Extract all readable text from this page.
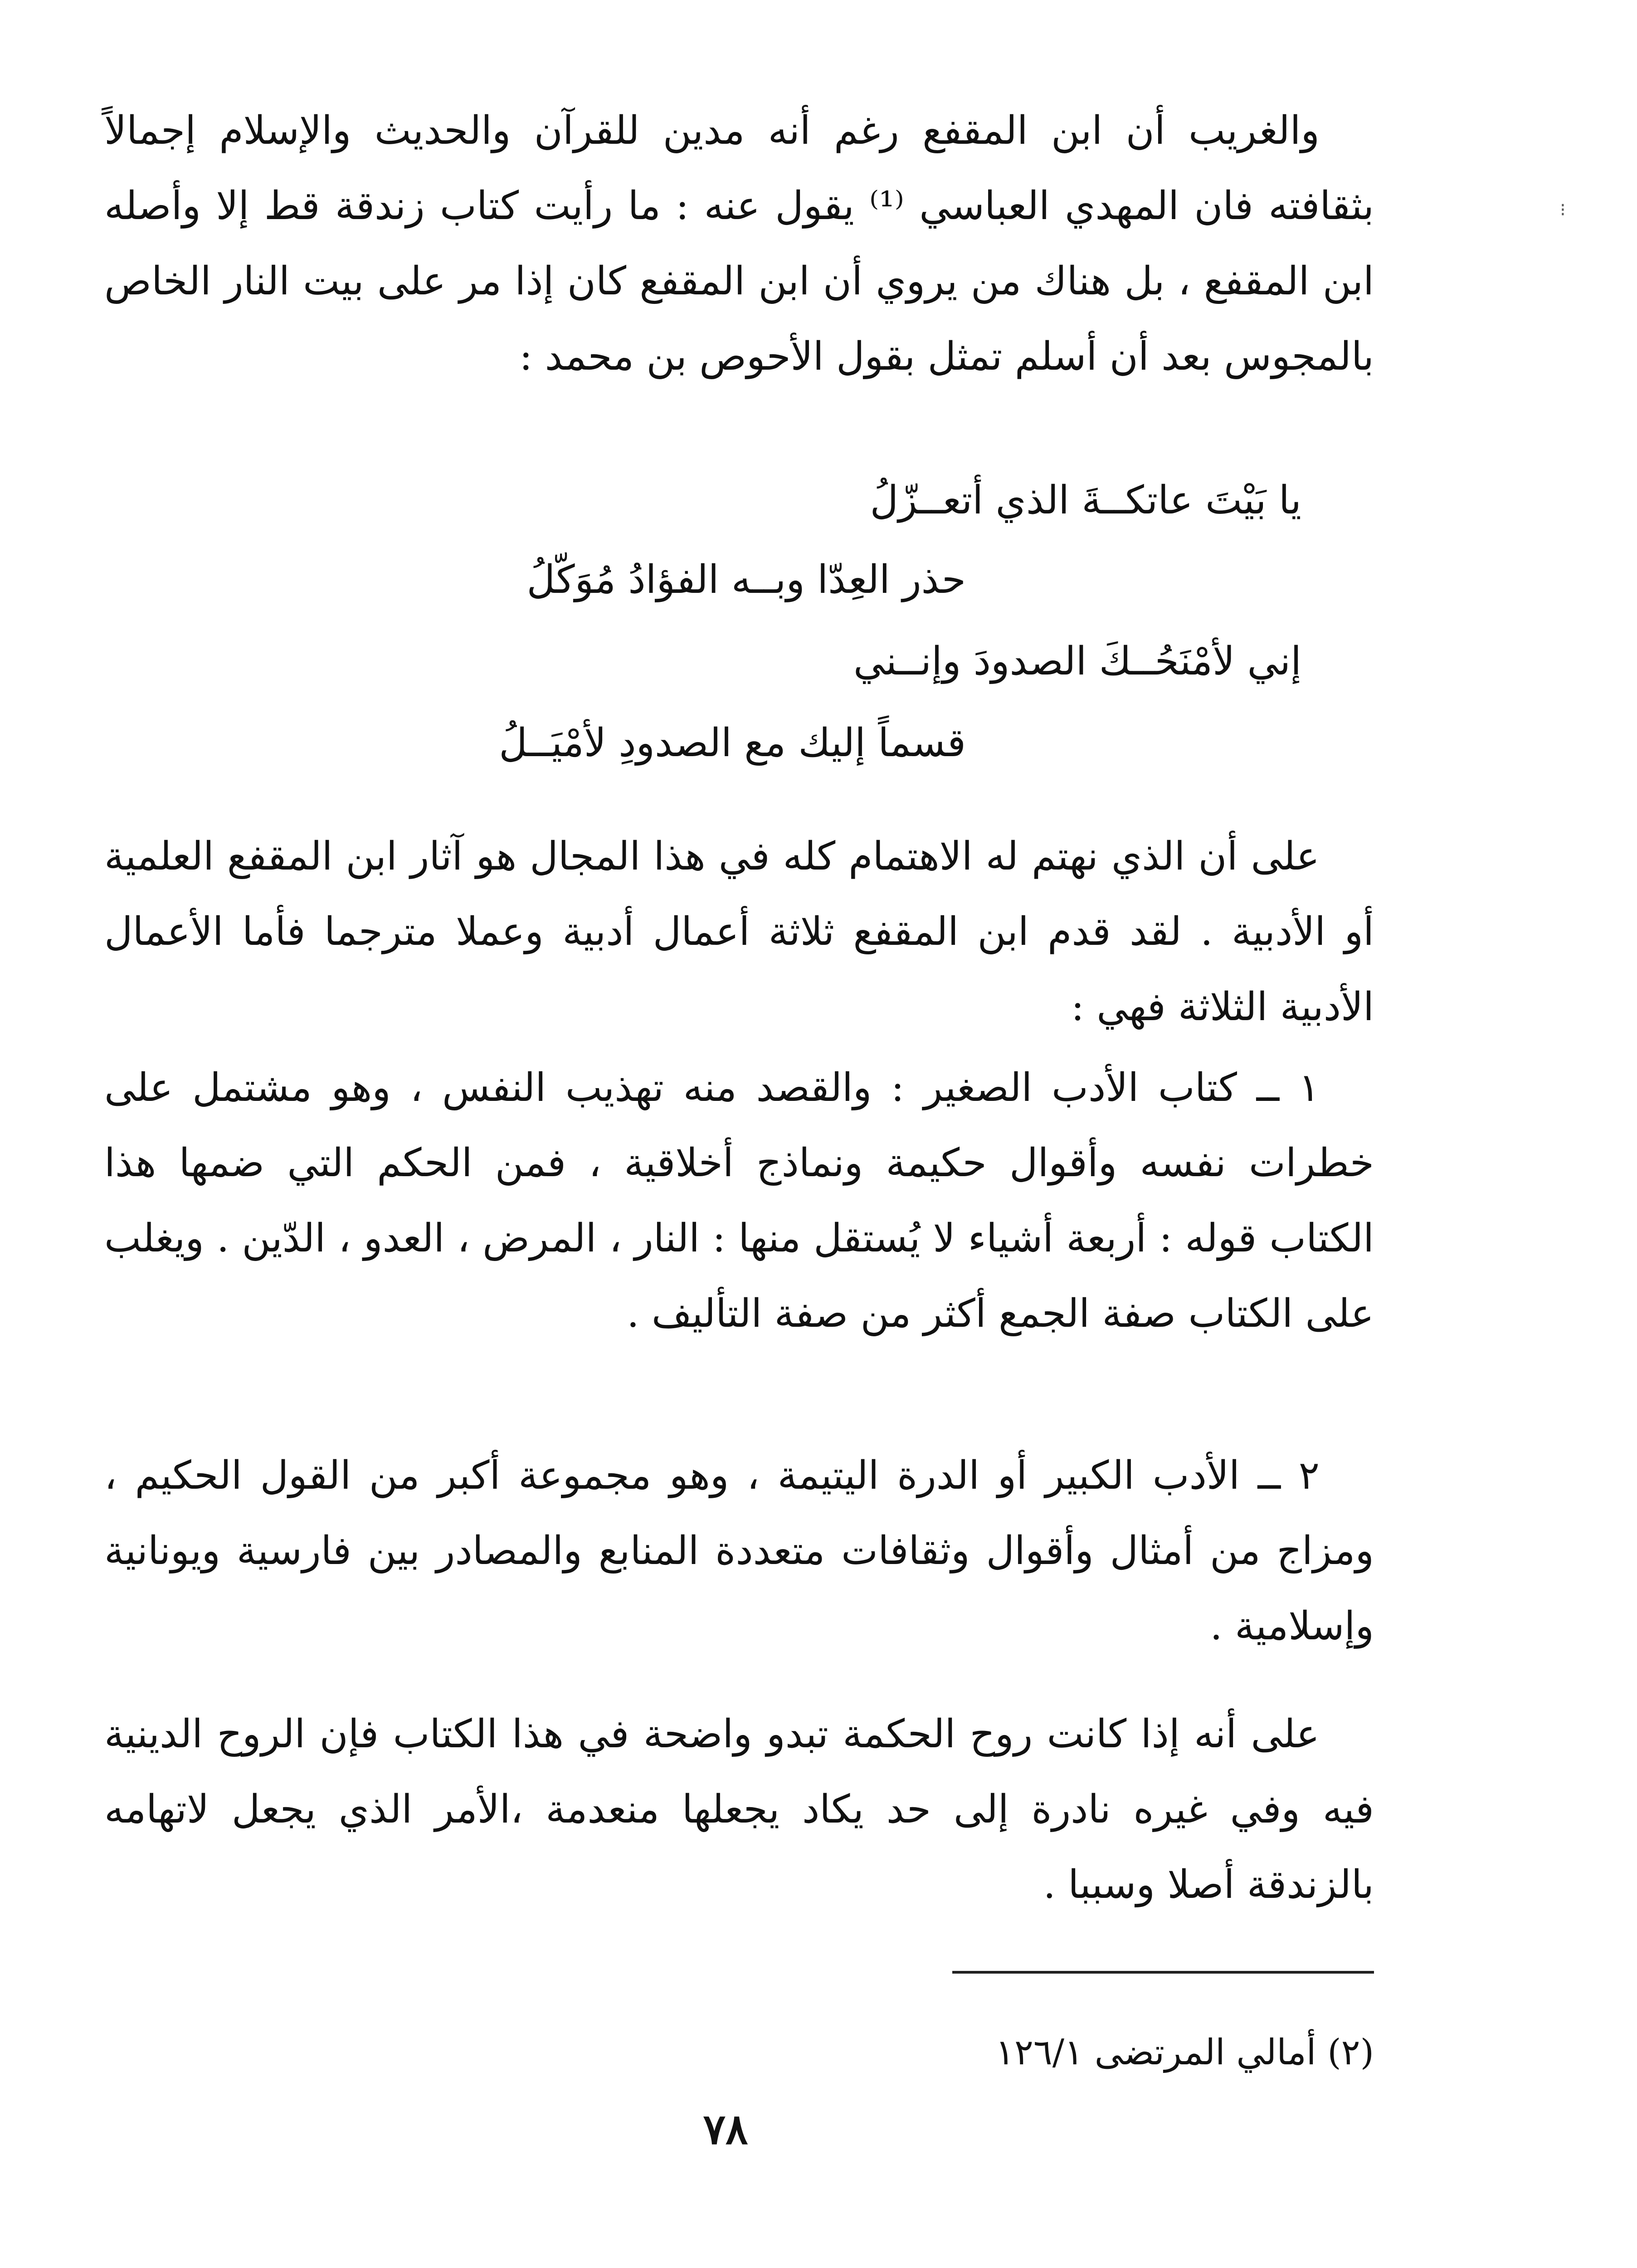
⁝

والغريب أن ابن المقفع رغم أنه مدين للقرآن والحديث والإسلام إجمالاً بثقافته فان المهدي العباسي ⁽¹⁾ يقول عنه : ما رأيت كتاب زندقة قط إلا وأصله ابن المقفع ، بل هناك من يروي أن ابن المقفع كان إذا مر على بيت النار الخاص بالمجوس بعد أن أسلم تمثل بقول الأحوص بن محمد :

يا بَيْتَ عاتكــةَ الذي أتعــزّلُ
حذر العِدّا وبــه الفؤادُ مُوَكّلُ
إني لأمْنَحُــكَ الصدودَ وإنــني
قسماً إليك مع الصدودِ لأمْيَــلُ

على أن الذي نهتم له الاهتمام كله في هذا المجال هو آثار ابن المقفع العلمية أو الأدبية . لقد قدم ابن المقفع ثلاثة أعمال أدبية وعملا مترجما فأما الأعمال الأدبية الثلاثة فهي :

١ ــ كتاب الأدب الصغير : والقصد منه تهذيب النفس ، وهو مشتمل على خطرات نفسه وأقوال حكيمة ونماذج أخلاقية ، فمن الحكم التي ضمها هذا الكتاب قوله : أربعة أشياء لا يُستقل منها : النار ، المرض ، العدو ، الدّين . ويغلب على الكتاب صفة الجمع أكثر من صفة التأليف .

٢ ــ الأدب الكبير أو الدرة اليتيمة ، وهو مجموعة أكبر من القول الحكيم ، ومزاج من أمثال وأقوال وثقافات متعددة المنابع والمصادر بين فارسية ويونانية وإسلامية .

على أنه إذا كانت روح الحكمة تبدو واضحة في هذا الكتاب فإن الروح الدينية فيه وفي غيره نادرة إلى حد يكاد يجعلها منعدمة ،الأمر الذي يجعل لاتهامه بالزندقة أصلا وسببا .

(٢) أمالي المرتضى ١٢٦/١
٧٨
